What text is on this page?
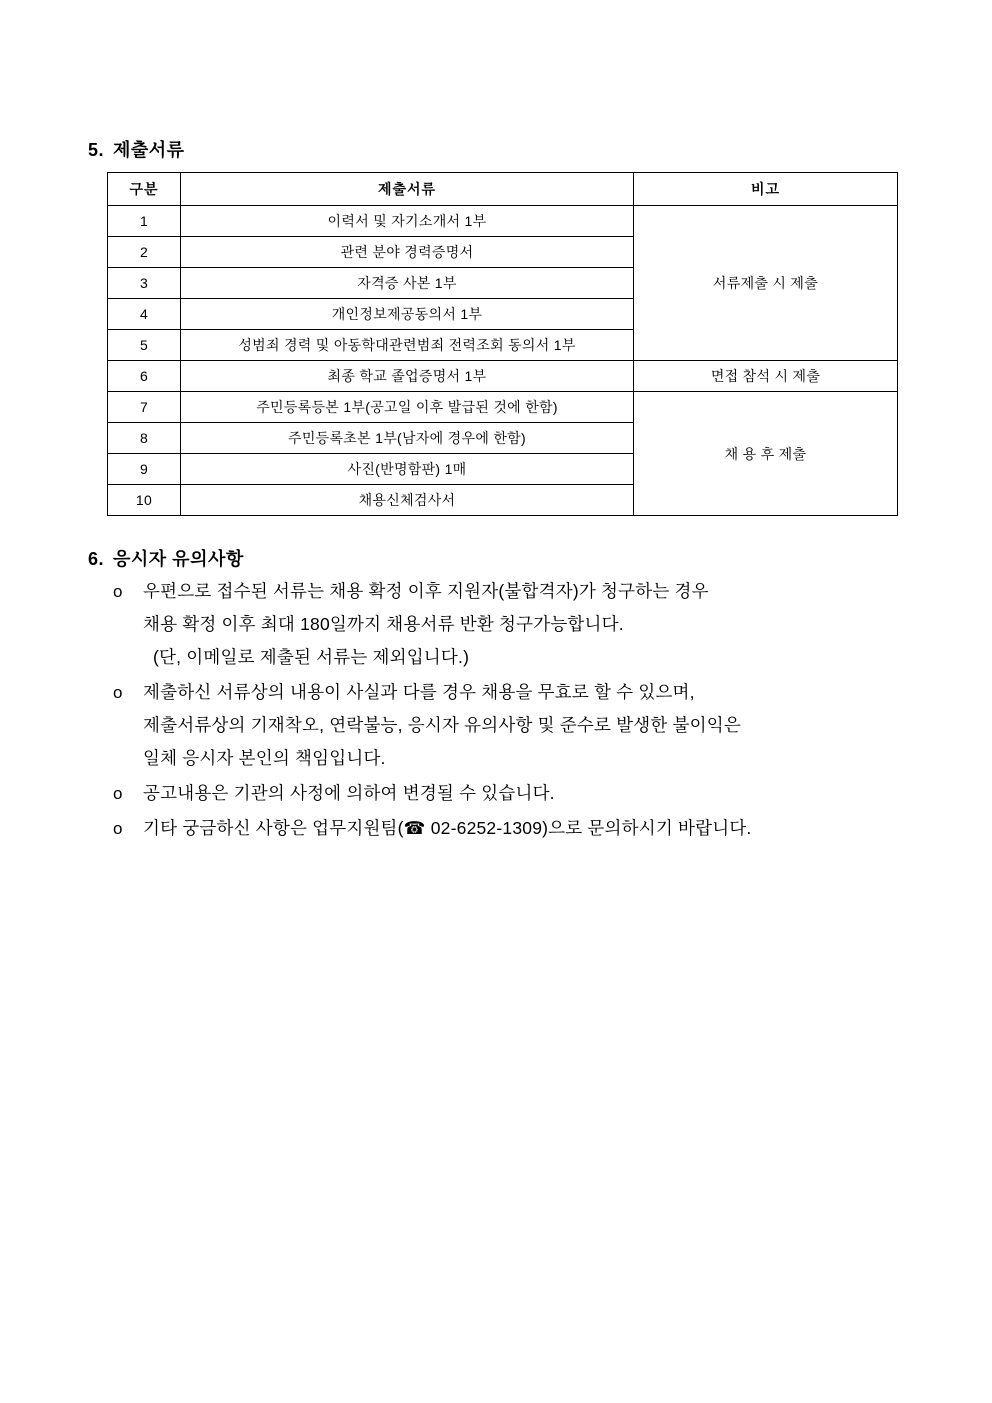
5. 제출서류
구분	제출서류	비고
1	이력서 및 자기소개서 1부	서류제출 시 제출
2	관련 분야 경력증명서	
3	자격증 사본 1부	
4	개인정보제공동의서 1부	
5	성범죄 경력 및 아동학대관련범죄 전력조회 동의서 1부	
6	최종 학교 졸업증명서 1부	면접 참석 시 제출
7	주민등록등본 1부(공고일 이후 발급된 것에 한함)	채 용 후 제출
8	주민등록초본 1부(남자에 경우에 한함)	
9	사진(반명함판) 1매	
10	채용신체검사서	
6. 응시자 유의사항
o 우편으로 접수된 서류는 채용 확정 이후 지원자(불합격자)가 청구하는 경우
채용 확정 이후 최대 180일까지 채용서류 반환 청구가능합니다.
(단, 이메일로 제출된 서류는 제외입니다.)
o 제출하신 서류상의 내용이 사실과 다를 경우 채용을 무효로 할 수 있으며,
제출서류상의 기재착오, 연락불능, 응시자 유의사항 및 준수로 발생한 불이익은
일체 응시자 본인의 책임입니다.
o 공고내용은 기관의 사정에 의하여 변경될 수 있습니다.
o 기타 궁금하신 사항은 업무지원팀(☎ 02-6252-1309)으로 문의하시기 바랍니다.
